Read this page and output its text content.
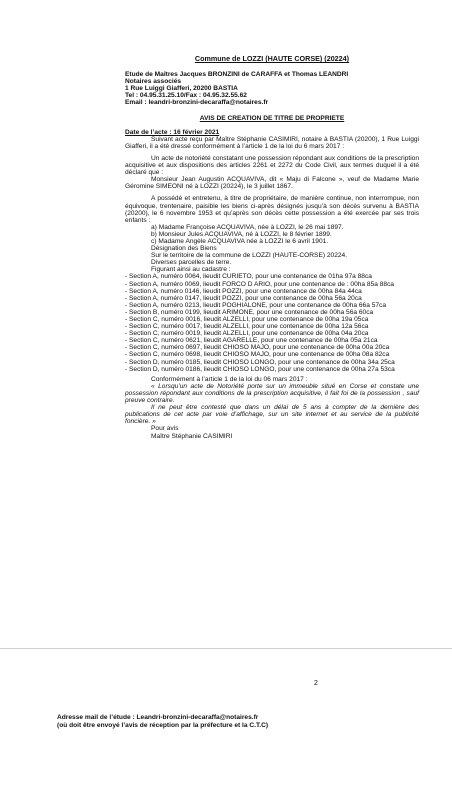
Commune de LOZZI (HAUTE CORSE) (20224)

Etude de Maîtres Jacques BRONZINI de CARAFFA et Thomas LEANDRI

Notaires associés

1 Rue Luiggi Giafferi, 20200 BASTIA

Tel : 04.95.31.25.10/Fax : 04.95.32.55.62

Email : leandri-bronzini-decaraffa@notaires.fr

AVIS DE CREATION DE TITRE DE PROPRIETE

Date de l’acte : 16 février 2021

Suivant acte reçu par Maître Stéphanie CASIMIRI, notaire à BASTIA (20200), 1 Rue Luiggi Giafferi, il a été dressé conformément à l’article 1 de la loi du 6 mars 2017 :

Un acte de notoriété constatant une possession répondant aux conditions de la prescription acquisitive et aux dispositions des articles 2261 et 2272 du Code Civil, aux termes duquel il a été déclaré que :

Monsieur Jean Augustin ACQUAVIVA, dit « Maju di Falcone », veuf de Madame Marie Géromine SIMEONI né à LOZZI (20224), le 3 juillet 1867.

A possédé et entretenu, à titre de propriétaire, de manière continue, non interrompue, non équivoque, trentenaire, paisible les biens ci-après désignés jusqu’à son décès survenu à BASTIA (20200), le 6 novembre 1953 et qu’après son décès cette possession a été exercée par ses trois enfants :

a) Madame Françoise ACQUAVIVA, née à LOZZI, le 26 mai 1897.

b) Monsieur Jules ACQUAVIVA, né à LOZZI, le 8 février 1899.

c) Madame Angèle ACQUAVIVA née à LOZZI le 6 avril 1901.

Désignation des Biens

Sur le territoire de la commune de LOZZI (HAUTE-CORSE) 20224.

Diverses parcelles de terre.

Figurant ainsi au cadastre :

- Section A, numéro 0064, lieudit CURIETO, pour une contenance de 01ha 97a 88ca

- Section A, numéro 0069, lieudit FORCO D ARIO, pour une contenance de : 00ha 85a 88ca

- Section A, numéro 0146, lieudit POZZI, pour une contenance de 00ha 84a 44ca

- Section A, numéro 0147, lieudit POZZI, pour une contenance de 00ha 56a 20ca

- Section A, numéro 0213, lieudit POGHIALONE, pour une contenance de 00ha 66a 57ca

- Section B, numéro 0199, lieudit ARIMONE, pour une contenance de 00ha 56a 60ca

- Section C, numéro 0016, lieudit ALZELLI, pour une contenance de 00ha 19a 05ca

- Section C, numéro 0017, lieudit ALZELLI, pour une contenance de 00ha 12a 56ca

- Section C, numéro 0019, lieudit ALZELLI, pour une contenance de 00ha 04a 20ca

- Section C, numéro 0621, lieudit AGARELLE, pour une contenance de 00ha 05a 21ca

- Section C, numéro 0697, lieudit CHIOSO MAJO, pour une contenance de 00ha 00a 20ca

- Section C, numéro 0698, lieudit CHIOSO MAJO, pour une contenance de 00ha 08a 82ca

- Section D, numéro 0185, lieudit CHIOSO LONGO, pour une contenance de 00ha 34a 25ca

- Section D, numéro 0186, lieudit CHIOSO LONGO, pour une contenance de 00ha 27a 53ca

Conformément à l’article 1 de la loi du 06 mars 2017 :

« Lorsqu’un acte de Notoriété porte sur un immeuble situé en Corse et constate une possession répondant aux conditions de la prescription acquisitive, il fait foi de la possession , sauf preuve contraire.

Il ne peut être contesté que dans un délai de 5 ans à compter de la dernière des publications de cet acte par voie d’affichage, sur un site internet et au service de la publicité foncière. »

Pour avis

Maître Stéphanie CASIMIRI

2

Adresse mail de l’étude : Leandri-bronzini-decaraffa@notaires.fr

(où doit être envoyé l’avis de réception par la préfecture et la C.T.C)
